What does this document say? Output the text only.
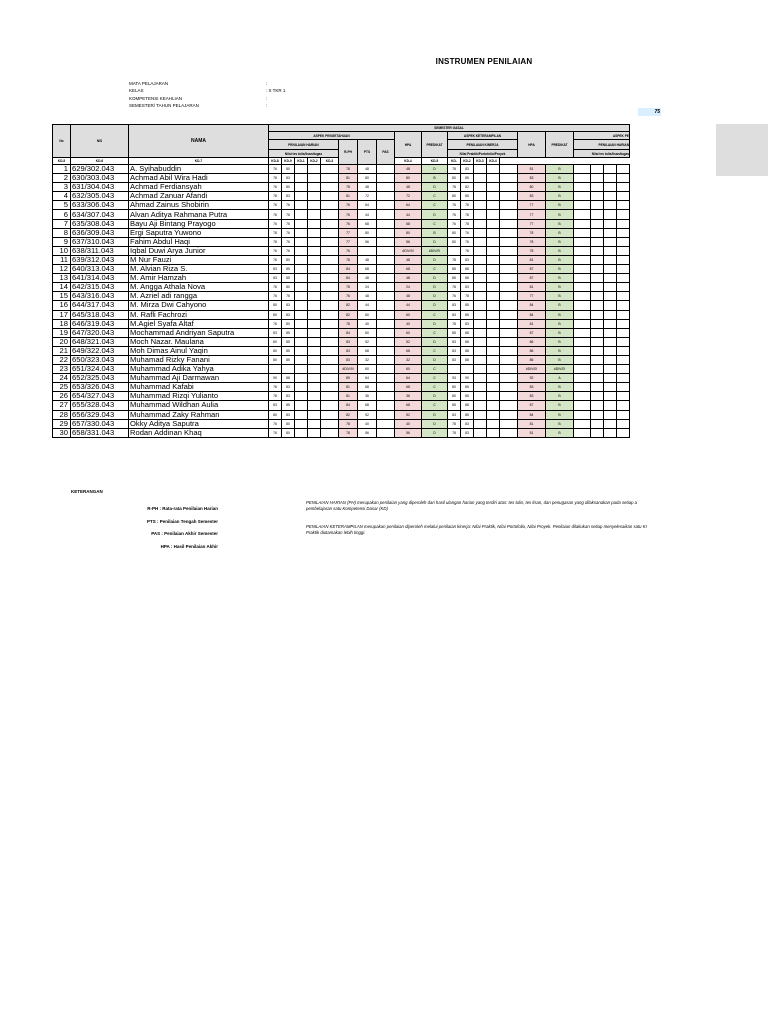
INSTRUMEN PENILAIAN
MATA PELAJARAN	:
KELAS	: X TKR 1
KOMPETENSI KEAHLIAN	:
SEMESTER/ TAHUN PELAJARAN	:
75
No	NIS	NAMA	SEMESTER GASAL																				
			ASPEK PENGETAHUAN								HPA	PREDIKAT	ASPEK KETERAMPILAN					HPA	PREDIKAT	ASPEK PE			
			PENILAIAN HARIAN					R-PH	PTS	PAS			PENILAIAN KINERJA							PENILAIAN HARIAN			
			Nilai tes tulis/lisan/tugas										Nilai Praktik/Portofolio/Proyek							Nilai tes tulis/lisan/tugas			
KD-5	KD-6	KD-7	KD-8	KD-9	KD-1	KD-2	KD-3				KD-4	KD-5	KD-	KD-2	KD-3	KD-4							
1	629/302.043	A. Syihabuddin	76	80				78	48		48	D	78	83				81	B				
2	630/303.043	Achmad Abil Wira Hadi	78	83				81	80		80	B	80	85				83	B				
3	631/304.043	Achmad Ferdiansyah	76	80				78	48		48	D	78	82				80	B				
4	632/305.043	Achmad Zanuar Afandi	78	83				81	72		72	C	80	85				83	B				
5	633/306.043	Ahmad Zainus Shobirin	76	76				76	64		64	C	76	78				77	B				
6	634/307.043	Alvan Aditya Rahmana Putra	76	76				76	44		44	D	76	78				77	B				
7	635/308.043	Bayu Aji Bintang Prayogo	76	76				76	68		68	C	76	78				77	B				
8	636/309.043	Ergi Saputra Yuwono	78	76				77	80		80	B	80	76				78	B				
9	637/310.043	Fahim Abdul Haqi	78	76				77	56		56	D	80	76				78	B				
10	638/311.043	Iqbal Duwi Arya Junior	76	76				76			#DIV/0!	#DIV/0!		78				78	B				
11	639/312.043	M Nur Fauzi	76	80				78	48		48	D	78	83				81	B				
12	640/313.043	M. Alvian Riza S.	83	85				84	68		68	C	85	88				87	B				
13	641/314.043	M. Amir Hamzah	83	85				84	48		48	D	85	88				87	B				
14	642/315.043	M. Angga Athala Nova	76	80				78	24		24	D	78	83				81	B				
15	643/316.043	M. Azriel adi rangga	76	76				76	48		48	D	76	78				77	B				
16	644/317.043	M. Mirza Dwi Cahyono	80	83				82	44		44	D	83	85				84	B				
17	645/318.043	M. Rafli Fachrozi	80	83				82	60		60	C	83	85				84	B				
18	646/319.043	M.Agiel Syafa Altaf	76	80				78	40		40	D	78	83				81	B				
19	647/320.043	Mochammad Andriyan Saputra	83	85				84	60		60	C	85	88				87	B				
20	648/321.043	Moch Nazar. Maulana	80	85				83	52		52	D	83	88				86	B				
21	649/322.043	Moh Dimas Ainul Yaqin	80	85				83	68		68	C	83	88				86	B				
22	650/323.043	Muhamad Rizky Fanani	80	85				83	32		32	D	83	88				86	B				
23	651/324.043	Muhammad Adika Yahya						#DIV/0!	60		60	C						#DIV/0!	#DIV/0!				
24	652/325.043	Muhammad Aji Darmawan	90	88				89	64		64	C	93	90				92	A				
25	653/326.043	Muhammad Kafabi	78	83				81	68		68	C	80	85				83	B				
26	654/327.043	Muhammad Rizqi Yulianto	78	83				81	36		36	D	80	85				83	B				
27	655/328.043	Muhammad Wildhan Aulia	83	85				84	68		68	C	85	88				87	B				
28	656/329.043	Muhammad Zaky Rahman	80	83				82	52		52	D	83	85				84	B				
29	657/330.043	Okky Aditya Saputra	76	80				78	40		40	D	78	83				81	B				
30	658/331.043	Rodan Addinan Khaq	76	80				78	56		56	D	78	83				81	B				
KETERANGAN
R-PH : Rata-rata Penilaian Harian
PTS : Penilaian Tengah Semester
PAS : Penilaian Akhir Semester
HPA : Hasil Penilaian Akhir
PENILAIAN HARIAN (PH) merupakan penilaian yang diperoleh dari hasil ulangan harian yang terdiri atas: tes tulis, tes lisan, dan penugasan yang dilaksanakan pada setiap a
pembelajaran satu Kompetensi Dasar (KD)
PENILAIAN KETERAMPILAN merupakan penilaian diperoleh melalui penilaian kinerja: Nilai Praktik, Nilai Portofolio, Nilai Proyek. Penilaian dilakukan setiap menyelesaikan satu KI
Praktik diutamakan lebih tinggi.
